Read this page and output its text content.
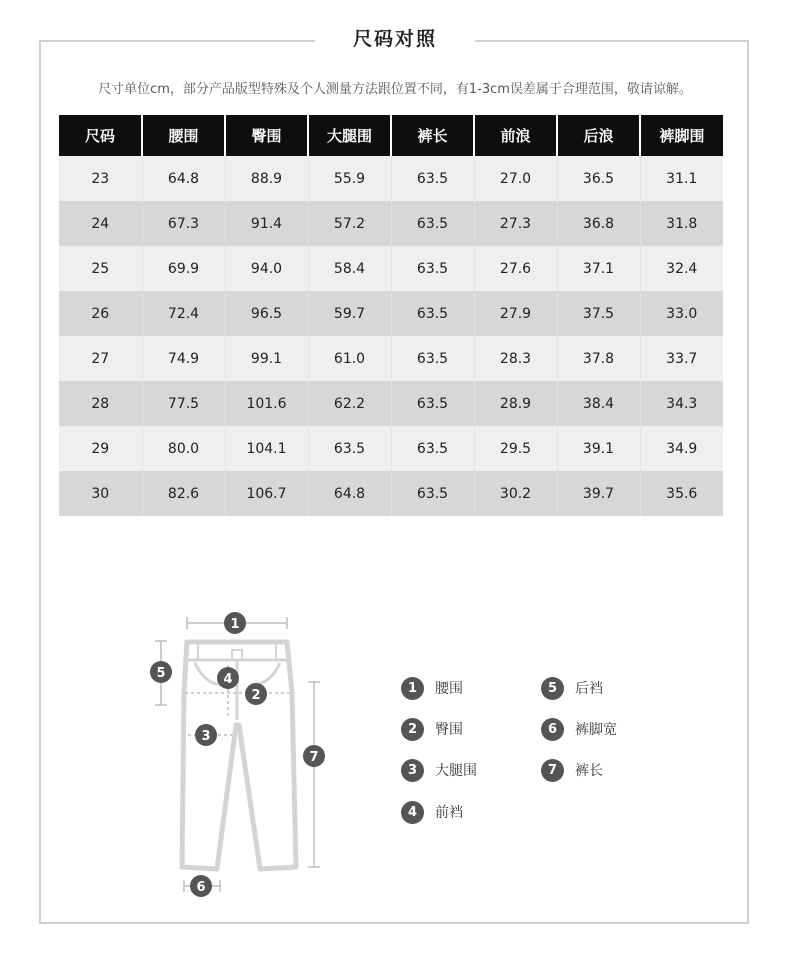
尺码对照
尺寸单位cm，部分产品版型特殊及个人测量方法跟位置不同，有1-3cm误差属于合理范围，敬请谅解。
尺码	腰围	臀围	大腿围	裤长	前浪	后浪	裤脚围
23	64.8	88.9	55.9	63.5	27.0	36.5	31.1
24	67.3	91.4	57.2	63.5	27.3	36.8	31.8
25	69.9	94.0	58.4	63.5	27.6	37.1	32.4
26	72.4	96.5	59.7	63.5	27.9	37.5	33.0
27	74.9	99.1	61.0	63.5	28.3	37.8	33.7
28	77.5	101.6	62.2	63.5	28.9	38.4	34.3
29	80.0	104.1	63.5	63.5	29.5	39.1	34.9
30	82.6	106.7	64.8	63.5	30.2	39.7	35.6
1
5	4
2
3
7
6
1	腰围
2	臀围
3	大腿围
4	前裆
5	后裆
6	裤脚宽
7	裤长
